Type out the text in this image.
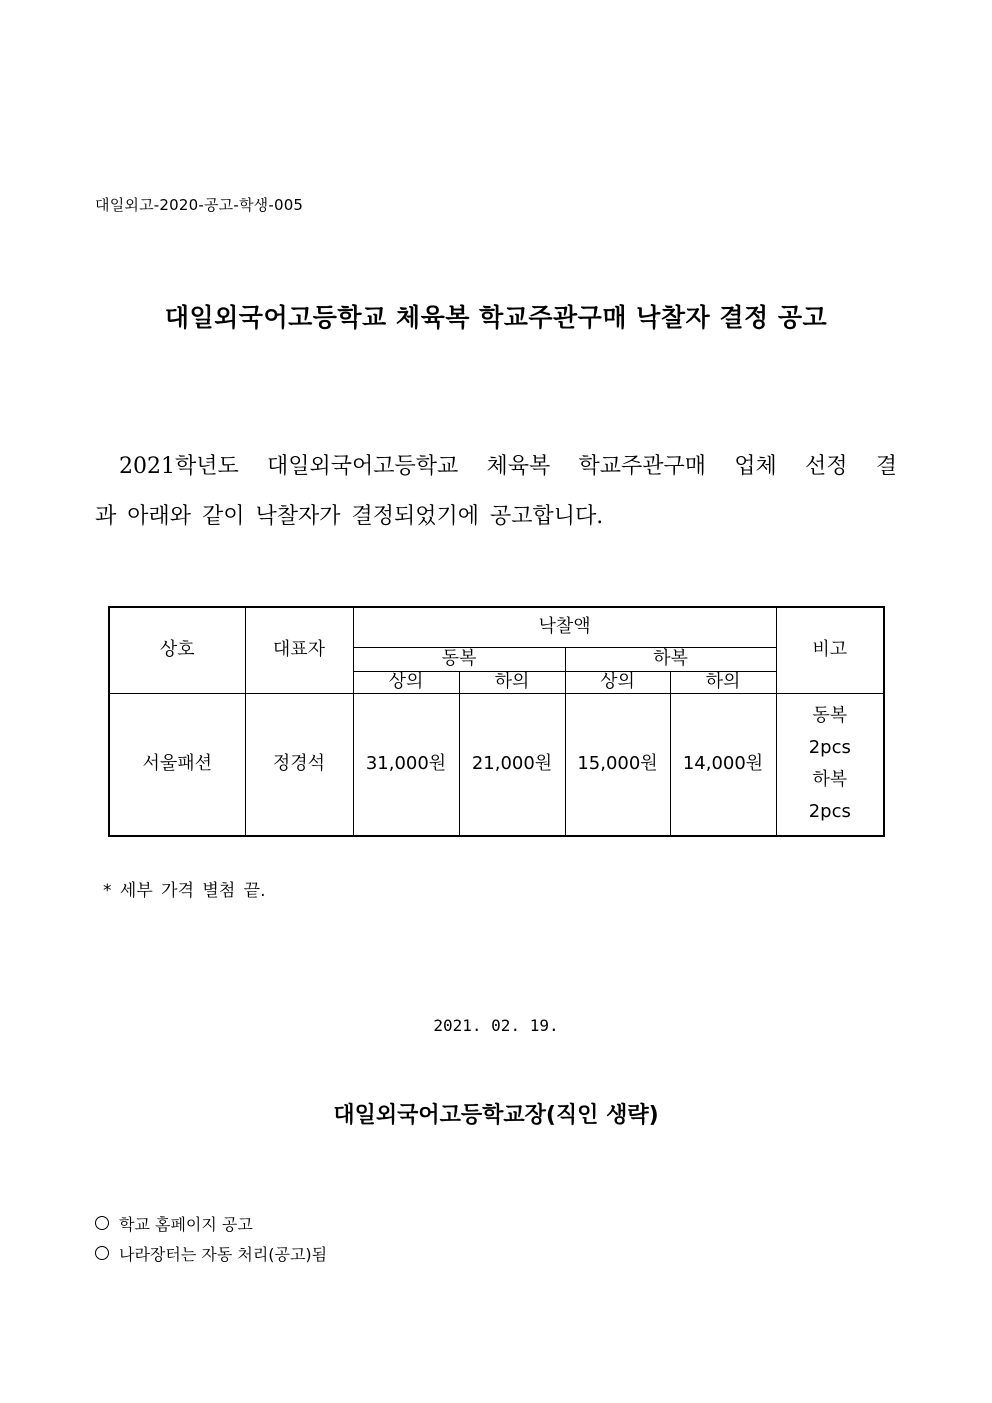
대일외고-2020-공고-학생-005
대일외국어고등학교 체육복 학교주관구매 낙찰자 결정 공고
2021학년도 대일외국어고등학교 체육복 학교주관구매 업체 선정 결
과 아래와 같이 낙찰자가 결정되었기에 공고합니다.
상호	대표자	낙찰액				비고
		동복		하복		
		상의	하의	상의	하의	
서울패션	정경석	31,000원	21,000원	15,000원	14,000원	동복
2pcs
하복
2pcs
* 세부 가격 별첨 끝.
2021. 02. 19.
대일외국어고등학교장(직인 생략)
학교 홈페이지 공고
나라장터는 자동 처리(공고)됨
